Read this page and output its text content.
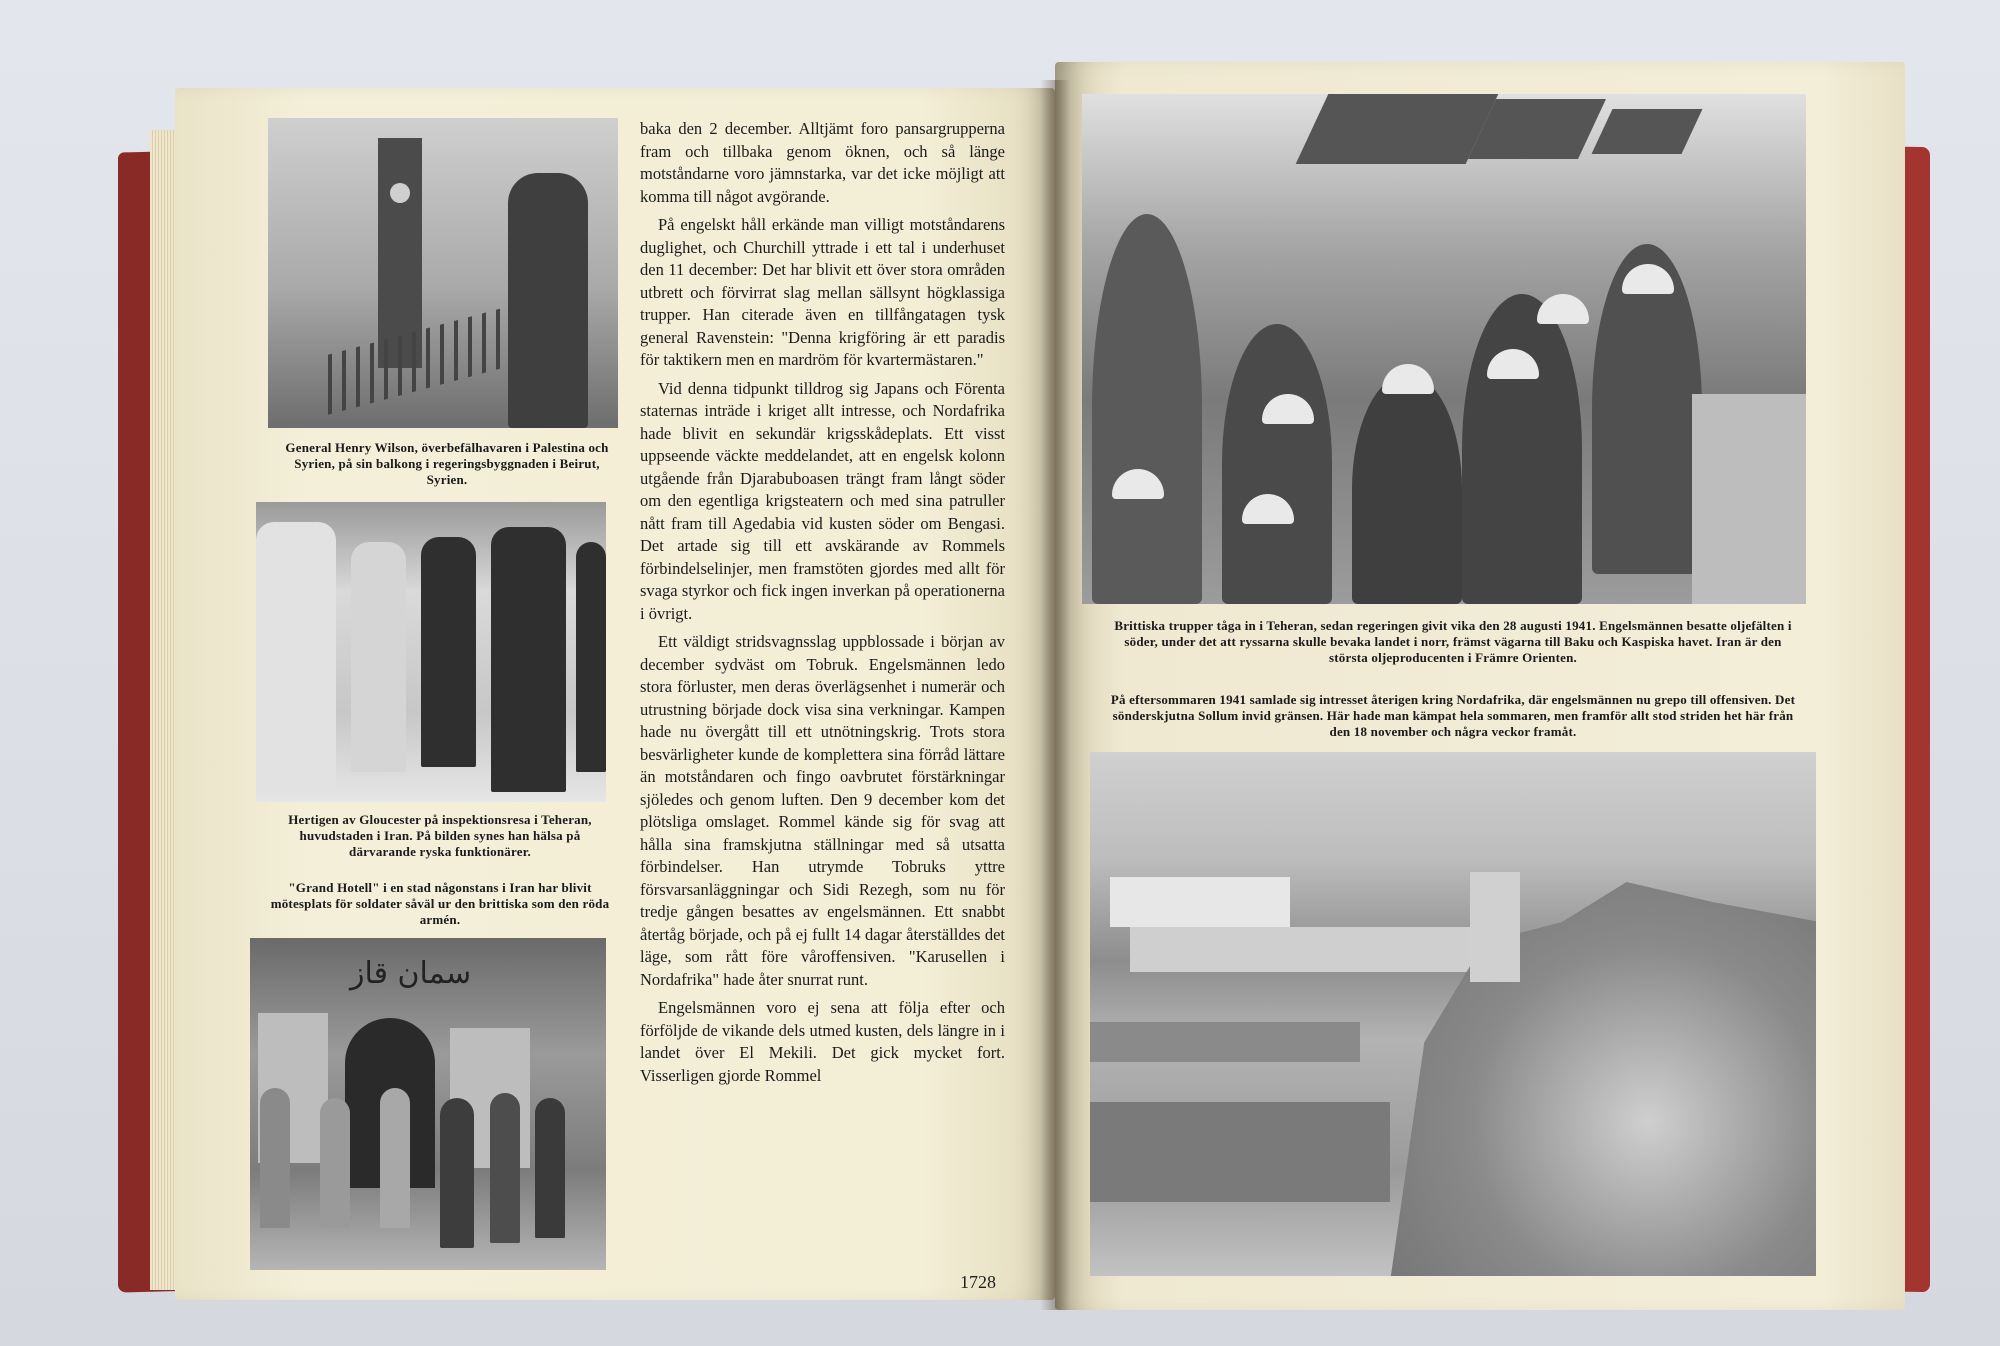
General Henry Wilson, överbefälhavaren i Palestina och Syrien, på sin balkong i regeringsbyggnaden i Beirut, Syrien.
Hertigen av Gloucester på inspektionsresa i Teheran, huvudstaden i Iran. På bilden synes han hälsa på därvarande ryska funktionärer.
"Grand Hotell" i en stad någonstans i Iran har blivit mötesplats för soldater såväl ur den brittiska som den röda armén.
سمان قاز

baka den 2 december. Alltjämt foro pansargrupperna fram och tillbaka genom öknen, och så länge motståndarne voro jämnstarka, var det icke möjligt att komma till något avgörande.

På engelskt håll erkände man villigt motståndarens duglighet, och Churchill yttrade i ett tal i underhuset den 11 december: Det har blivit ett över stora områden utbrett och förvirrat slag mellan sällsynt högklassiga trupper. Han citerade även en tillfångatagen tysk general Ravenstein: "Denna krigföring är ett paradis för taktikern men en mardröm för kvartermästaren."

Vid denna tidpunkt tilldrog sig Japans och Förenta staternas inträde i kriget allt intresse, och Nordafrika hade blivit en sekundär krigsskådeplats. Ett visst uppseende väckte meddelandet, att en engelsk kolonn utgående från Djarabuboasen trängt fram långt söder om den egentliga krigsteatern och med sina patruller nått fram till Agedabia vid kusten söder om Bengasi. Det artade sig till ett avskärande av Rommels förbindelselinjer, men framstöten gjordes med allt för svaga styrkor och fick ingen inverkan på operationerna i övrigt.

Ett väldigt stridsvagnsslag uppblossade i början av december sydväst om Tobruk. Engelsmännen ledo stora förluster, men deras överlägsenhet i numerär och utrustning började dock visa sina verkningar. Kampen hade nu övergått till ett utnötningskrig. Trots stora besvärligheter kunde de komplettera sina förråd lättare än motståndaren och fingo oavbrutet förstärkningar sjöledes och genom luften. Den 9 december kom det plötsliga omslaget. Rommel kände sig för svag att hålla sina framskjutna ställningar med så utsatta förbindelser. Han utrymde Tobruks yttre försvarsanläggningar och Sidi Rezegh, som nu för tredje gången besattes av engelsmännen. Ett snabbt återtåg började, och på ej fullt 14 dagar återställdes det läge, som rått före våroffensiven. "Karusellen i Nordafrika" hade åter snurrat runt.

Engelsmännen voro ej sena att följa efter och förföljde de vikande dels utmed kusten, dels längre in i landet över El Mekili. Det gick mycket fort. Visserligen gjorde Rommel

1728
Brittiska trupper tåga in i Teheran, sedan regeringen givit vika den 28 augusti 1941. Engelsmännen besatte oljefälten i söder, under det att ryssarna skulle bevaka landet i norr, främst vägarna till Baku och Kaspiska havet. Iran är den största oljeproducenten i Främre Orienten.
På eftersommaren 1941 samlade sig intresset återigen kring Nordafrika, där engelsmännen nu grepo till offensiven. Det sönderskjutna Sollum invid gränsen. Här hade man kämpat hela sommaren, men framför allt stod striden het här från den 18 november och några veckor framåt.
